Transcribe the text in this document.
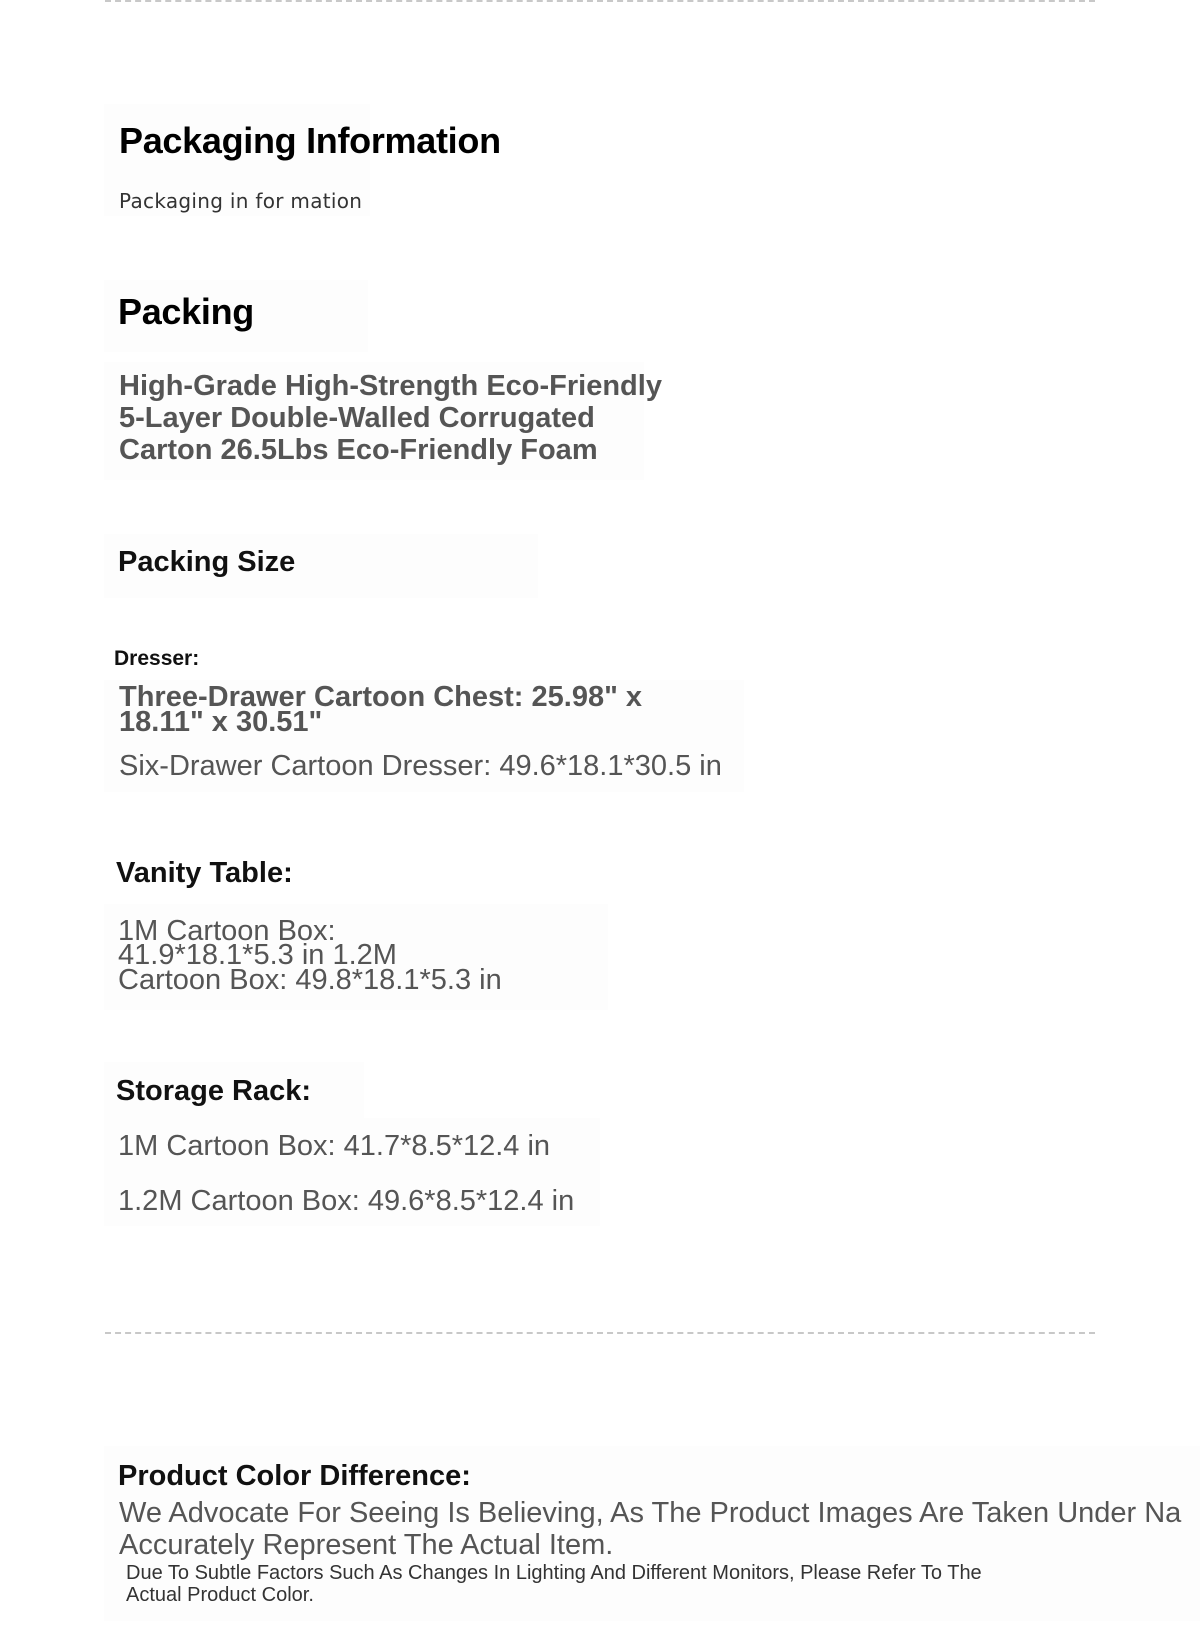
Packaging Information
Packaging in for mation
Packing
High-Grade High-Strength Eco-Friendly
5-Layer Double-Walled Corrugated
Carton 26.5Lbs Eco-Friendly Foam
Packing Size
Dresser:
Three-Drawer Cartoon Chest: 25.98" x
18.11" x 30.51"
Six-Drawer Cartoon Dresser: 49.6*18.1*30.5 in
Vanity Table:
1M Cartoon Box:
41.9*18.1*5.3 in 1.2M
Cartoon Box: 49.8*18.1*5.3 in
Storage Rack:
1M Cartoon Box: 41.7*8.5*12.4 in
1.2M Cartoon Box: 49.6*8.5*12.4 in
Product Color Difference:
We Advocate For Seeing Is Believing, As The Product Images Are Taken Under Na
Accurately Represent The Actual Item.
Due To Subtle Factors Such As Changes In Lighting And Different Monitors, Please Refer To The
Actual Product Color.
